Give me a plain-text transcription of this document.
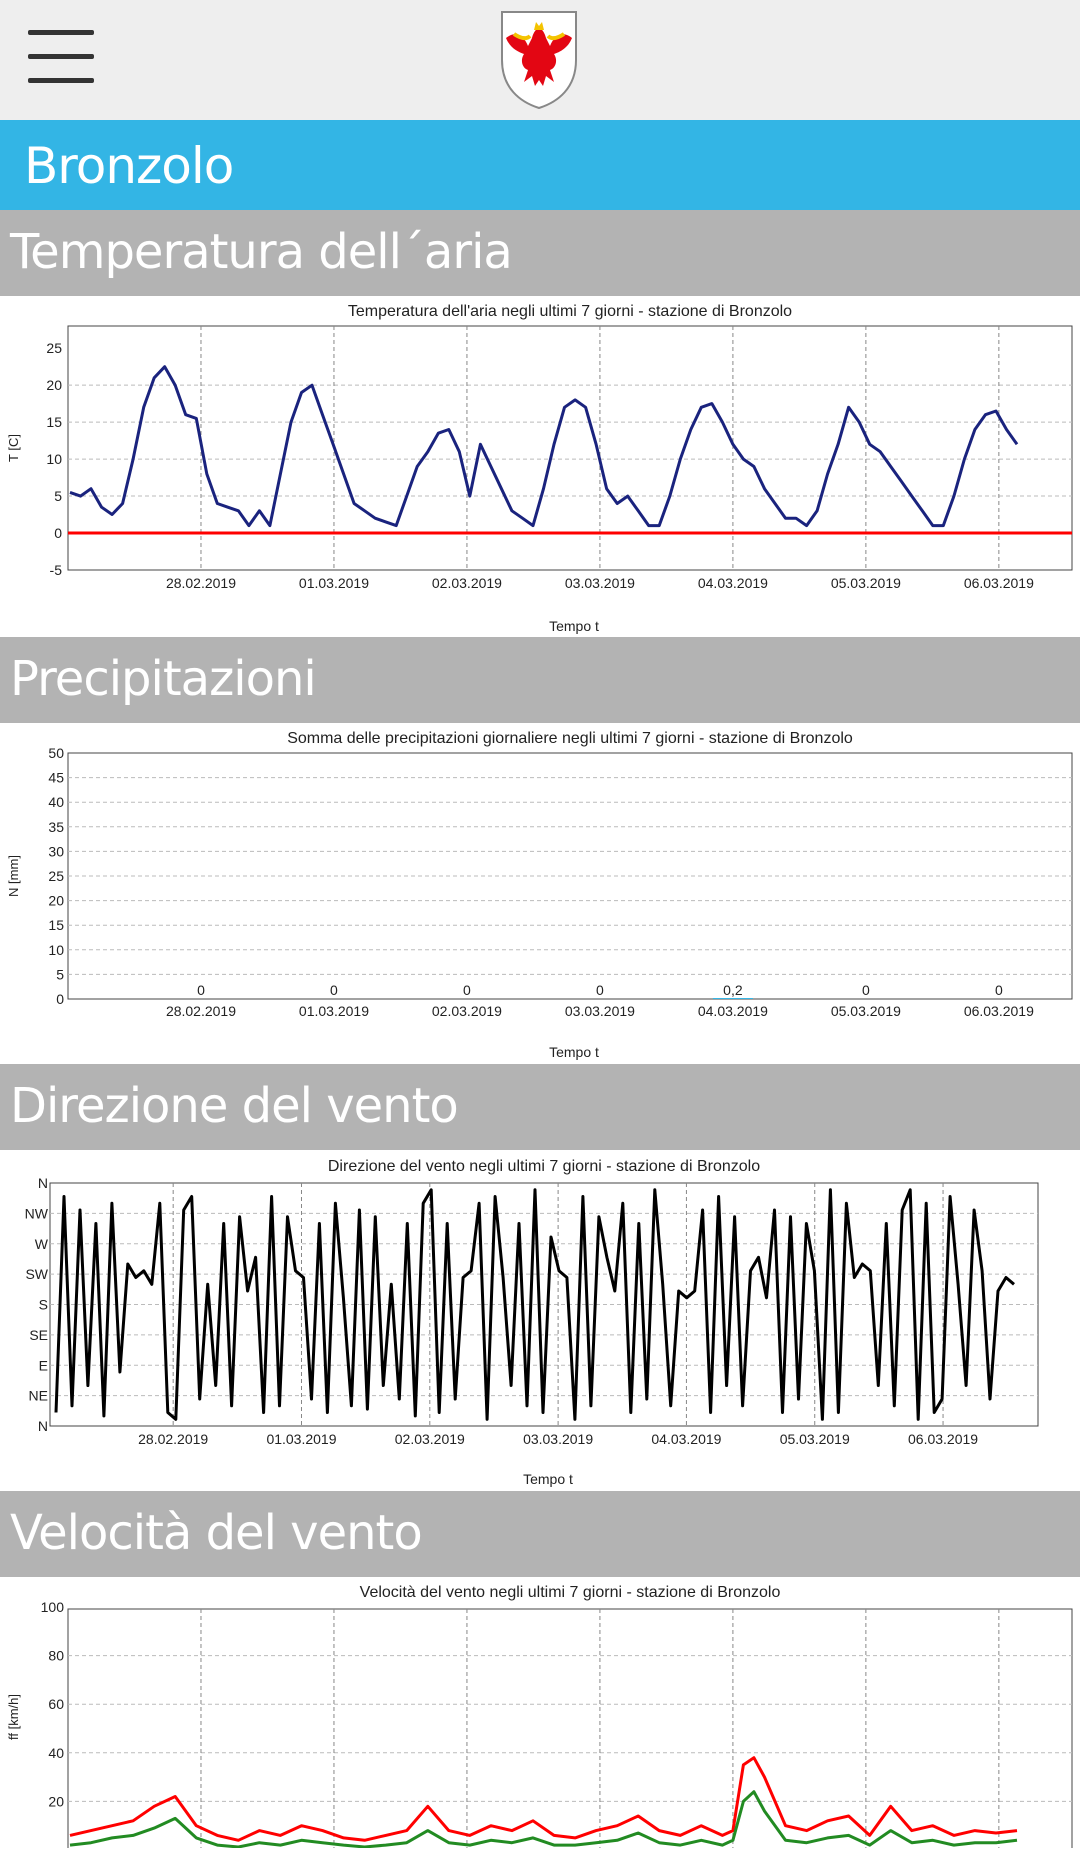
Bronzolo
Temperatura dell´aria
Temperatura dell'aria negli ultimi 7 giorni - stazione di Bronzolo
T [C]
Tempo t
25
20
15
10
5
0
-5
28.02.2019	01.03.2019	02.03.2019	03.03.2019	04.03.2019	05.03.2019	06.03.2019
Precipitazioni
Somma delle precipitazioni giornaliere negli ultimi 7 giorni - stazione di Bronzolo
N [mm]
Tempo t
50
45
40
35
30
25
20
15
10
5
0
0
28.02.2019
0
01.03.2019
0
02.03.2019
0
03.03.2019
0,2
04.03.2019
0
05.03.2019
0
06.03.2019
Direzione del vento
Direzione del vento negli ultimi 7 giorni - stazione di Bronzolo
Tempo t
N
NW
W
SW
S
SE
E
NE
N
28.02.2019	01.03.2019	02.03.2019	03.03.2019	04.03.2019	05.03.2019	06.03.2019
Velocità del vento
Velocità del vento negli ultimi 7 giorni - stazione di Bronzolo
ff [km/h]
100
80
60
40
20
